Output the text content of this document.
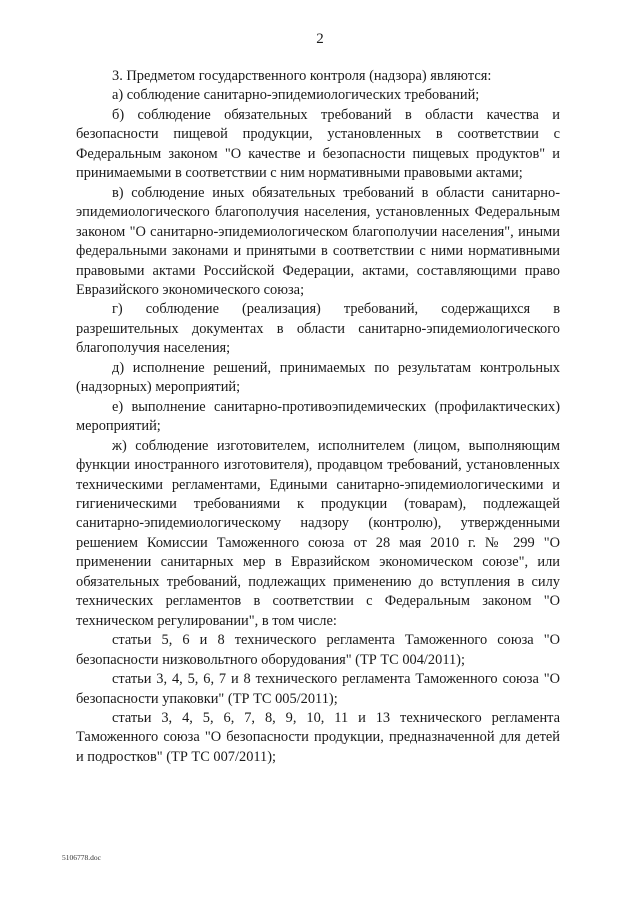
2

3. Предметом государственного контроля (надзора) являются:

а) соблюдение санитарно-эпидемиологических требований;

б) соблюдение обязательных требований в области качества и безопасности пищевой продукции, установленных в соответствии с Федеральным законом "О качестве и безопасности пищевых продуктов" и принимаемыми в соответствии с ним нормативными правовыми актами;

в) соблюдение иных обязательных требований в области санитарно-эпидемиологического благополучия населения, установленных Федеральным законом "О санитарно-эпидемиологическом благополучии населения", иными федеральными законами и принятыми в соответствии с ними нормативными правовыми актами Российской Федерации, актами, составляющими право Евразийского экономического союза;

г) соблюдение (реализация) требований, содержащихся в разрешительных документах в области санитарно-эпидемиологического благополучия населения;

д) исполнение решений, принимаемых по результатам контрольных (надзорных) мероприятий;

е) выполнение санитарно-противоэпидемических (профилактических) мероприятий;

ж) соблюдение изготовителем, исполнителем (лицом, выполняющим функции иностранного изготовителя), продавцом требований, установленных техническими регламентами, Едиными санитарно-эпидемиологическими и гигиеническими требованиями к продукции (товарам), подлежащей санитарно-эпидемиологическому надзору (контролю), утвержденными решением Комиссии Таможенного союза от 28 мая 2010 г. № 299 "О применении санитарных мер в Евразийском экономическом союзе", или обязательных требований, подлежащих применению до вступления в силу технических регламентов в соответствии с Федеральным законом "О техническом регулировании", в том числе:

статьи 5, 6 и 8 технического регламента Таможенного союза "О безопасности низковольтного оборудования" (ТР ТС 004/2011);

статьи 3, 4, 5, 6, 7 и 8 технического регламента Таможенного союза "О безопасности упаковки" (ТР ТС 005/2011);

статьи 3, 4, 5, 6, 7, 8, 9, 10, 11 и 13 технического регламента Таможенного союза "О безопасности продукции, предназначенной для детей и подростков" (ТР ТС 007/2011);

5106778.doc
